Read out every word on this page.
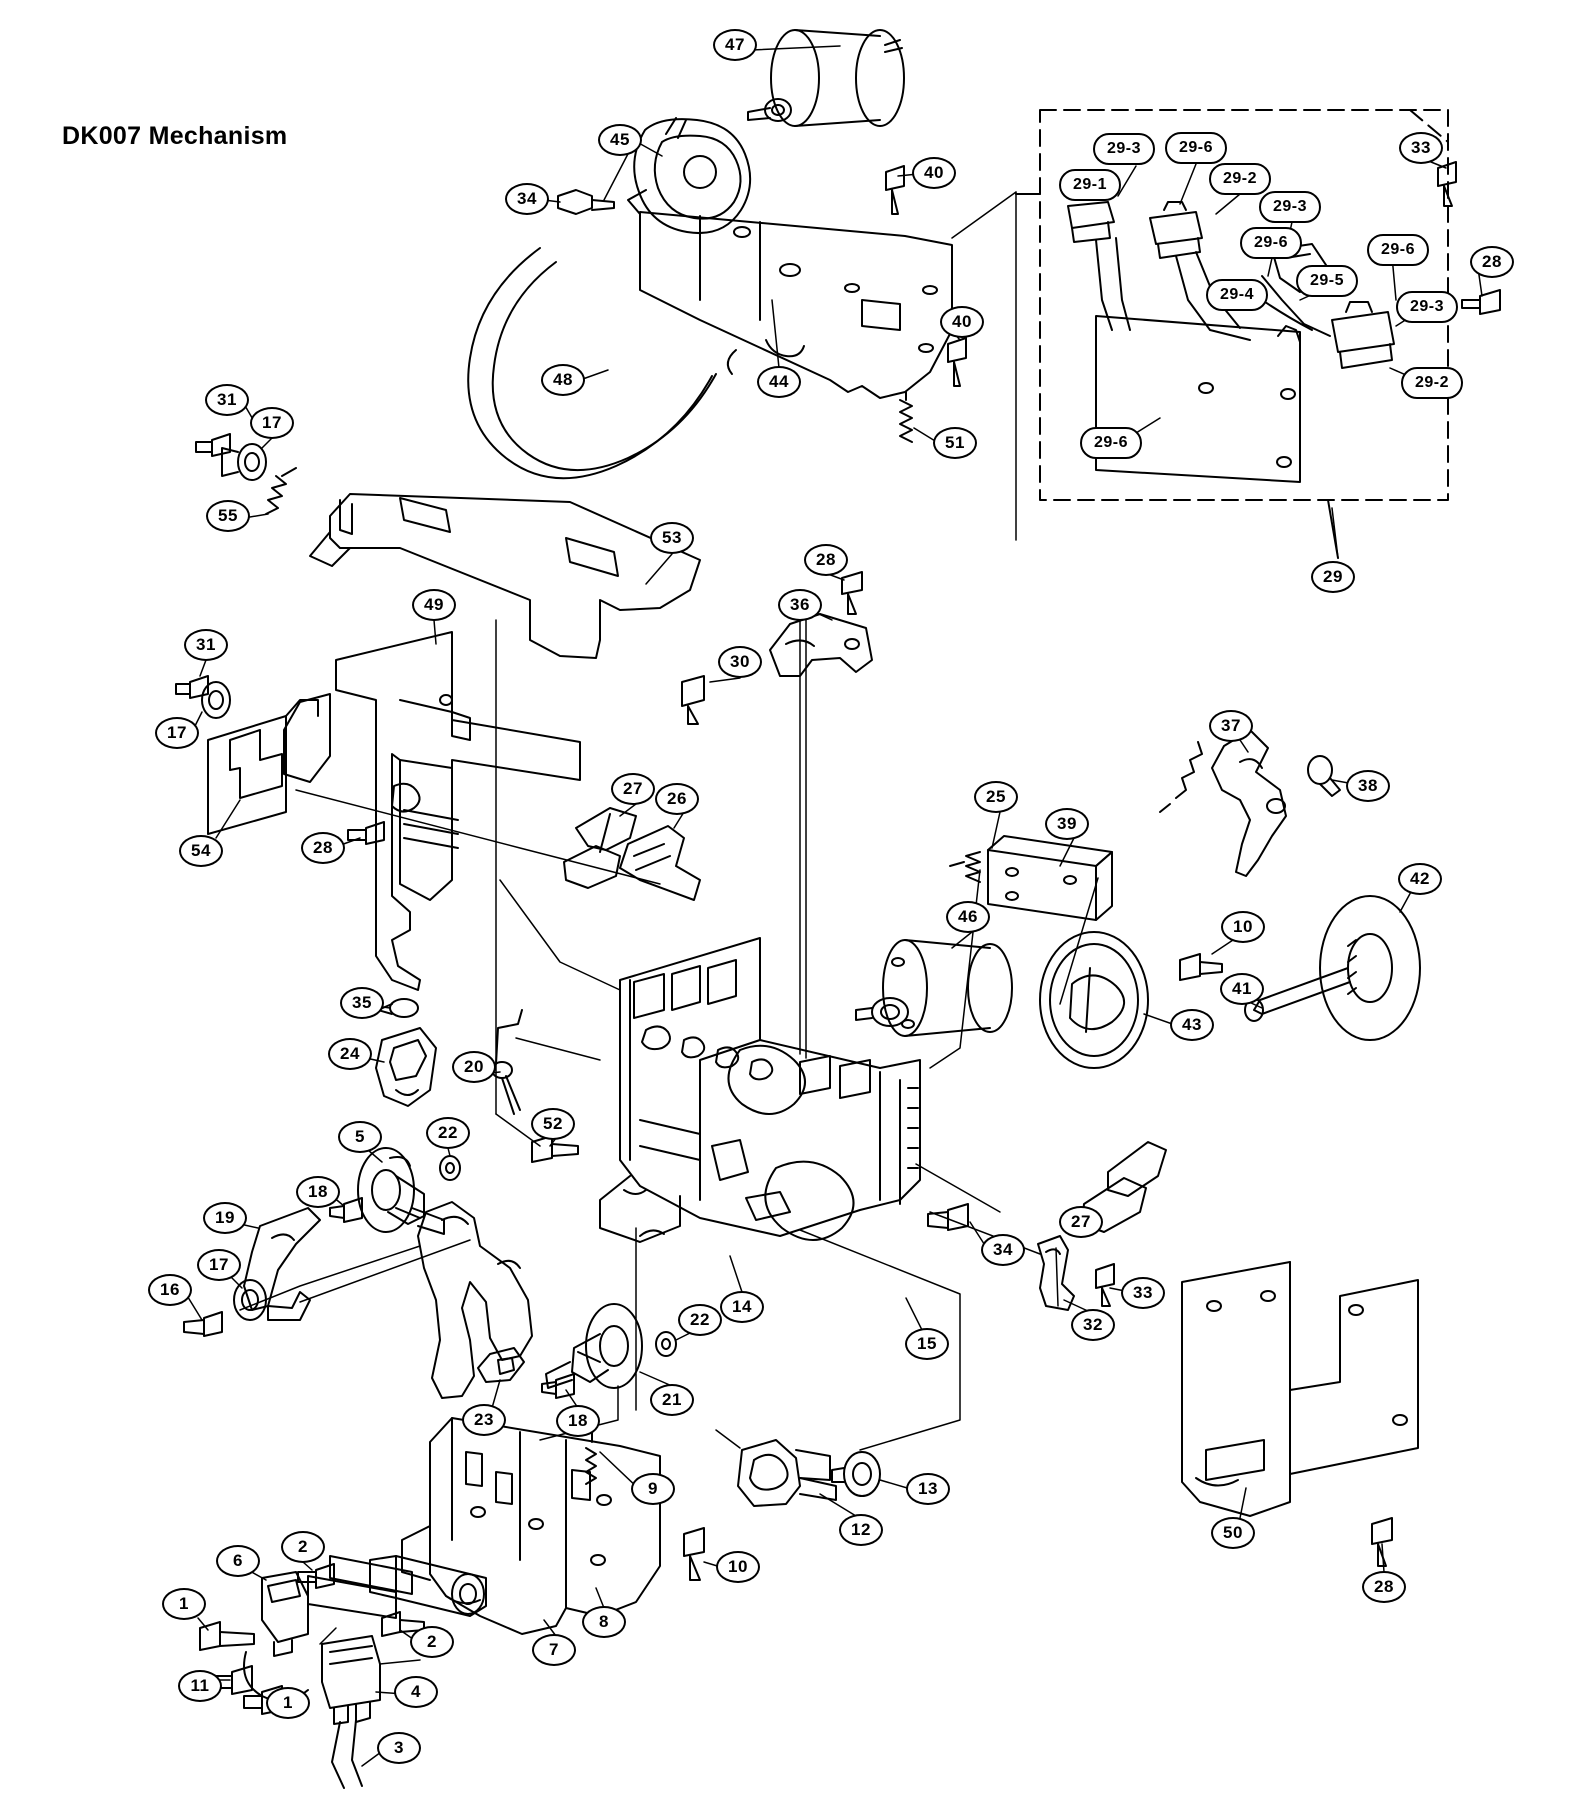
DK007 Mechanism
47
45
34
40
40
48	44
51
33
29-3	29-6
29-1	29-2
29-3
29-6	29-6
29-4
29-5
29-3
28
29-2
29-6
29
31
17
55
53
49
28
36
30
31
17
54	28
27
26	25
39
37
38
42
10
46
41
43
35
24
20
52
5	22
18
19
17
16
23	18
21
22
14
15
34
27
32
33
50
28
9	13
12
10
2
6
1
2	7
8
11
1
4
3
